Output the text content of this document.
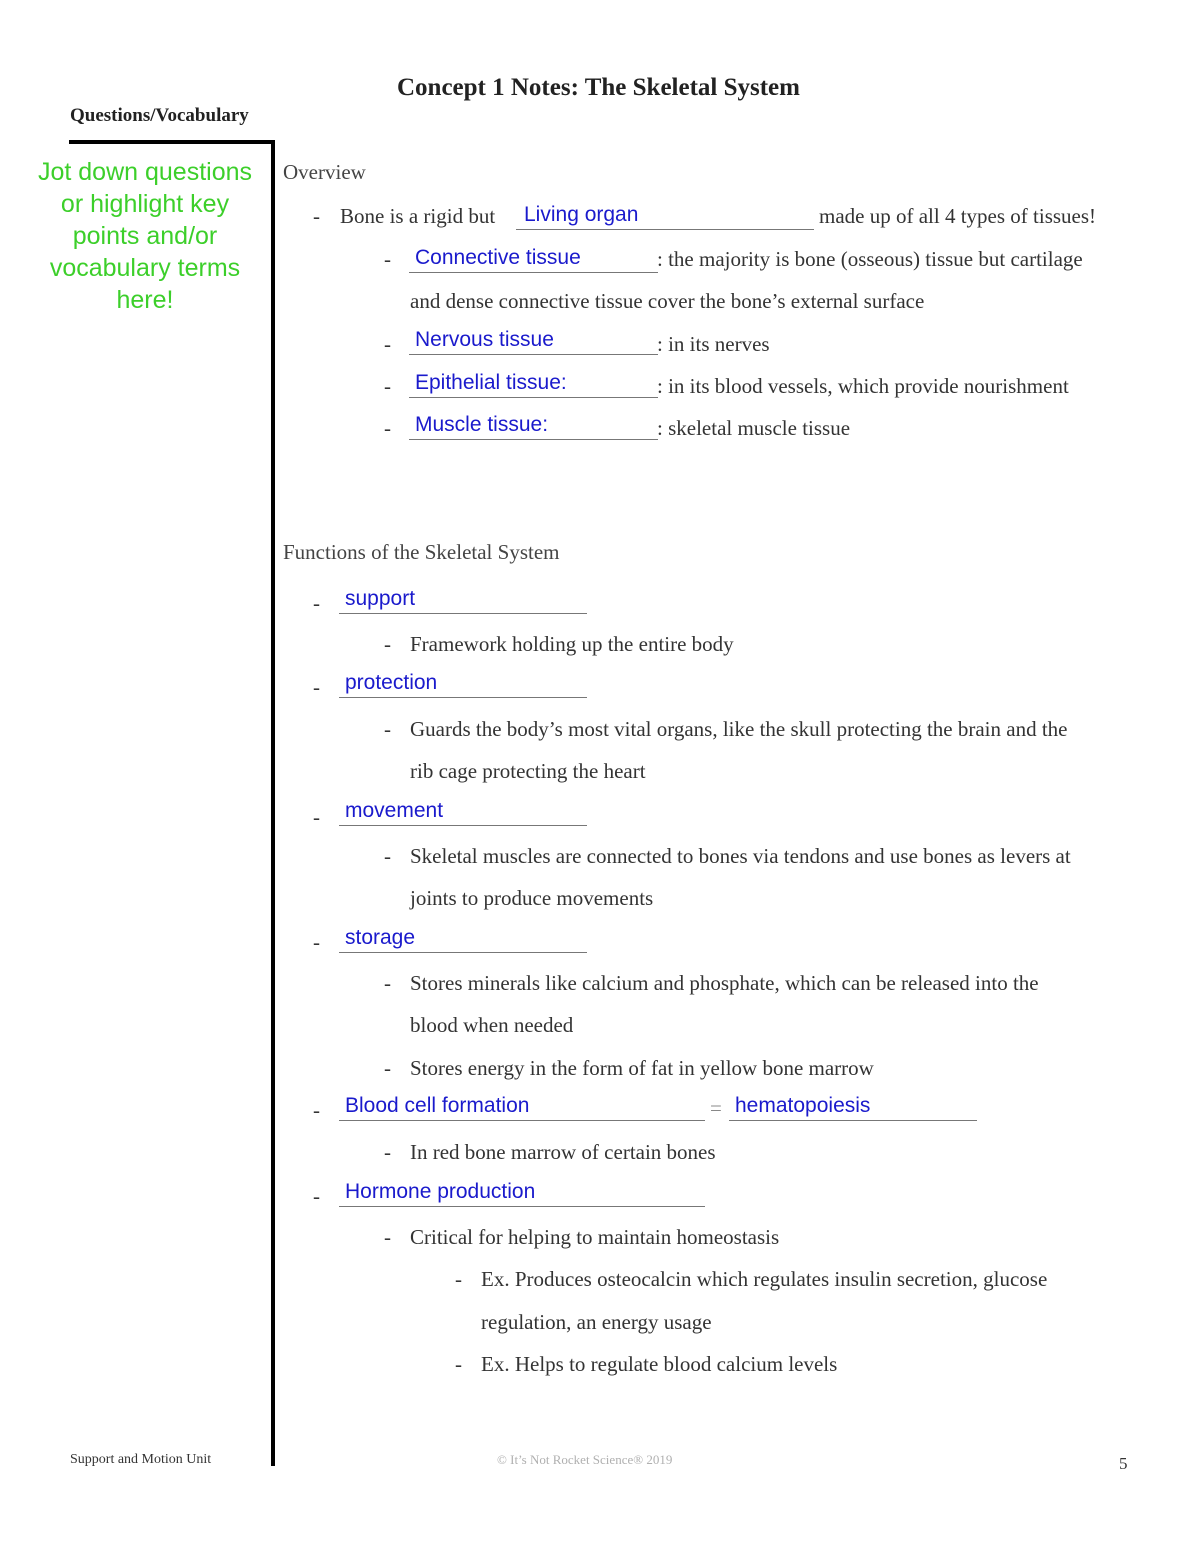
Concept 1 Notes: The Skeletal System
Questions/Vocabulary
Jot down questions or highlight key points and/or vocabulary terms here!
Overview
- Bone is a rigid but Living organ	made up of all 4 types of tissues!
- Connective tissue	: the majority is bone (osseous) tissue but cartilage
and dense connective tissue cover the bone’s external surface
- Nervous tissue	: in its nerves
- Epithelial tissue:	: in its blood vessels, which provide nourishment
- Muscle tissue:	: skeletal muscle tissue
Functions of the Skeletal System
- support
- Framework holding up the entire body
- protection
- Guards the body’s most vital organs, like the skull protecting the brain and the
rib cage protecting the heart
- movement
- Skeletal muscles are connected to bones via tendons and use bones as levers at
joints to produce movements
- storage
- Stores minerals like calcium and phosphate, which can be released into the
blood when needed
- Stores energy in the form of fat in yellow bone marrow
- Blood cell formation	= hematopoiesis
- In red bone marrow of certain bones
- Hormone production
- Critical for helping to maintain homeostasis
- Ex. Produces osteocalcin which regulates insulin secretion, glucose
regulation, an energy usage
- Ex. Helps to regulate blood calcium levels
Support and Motion Unit	© It’s Not Rocket Science® 2019	5
